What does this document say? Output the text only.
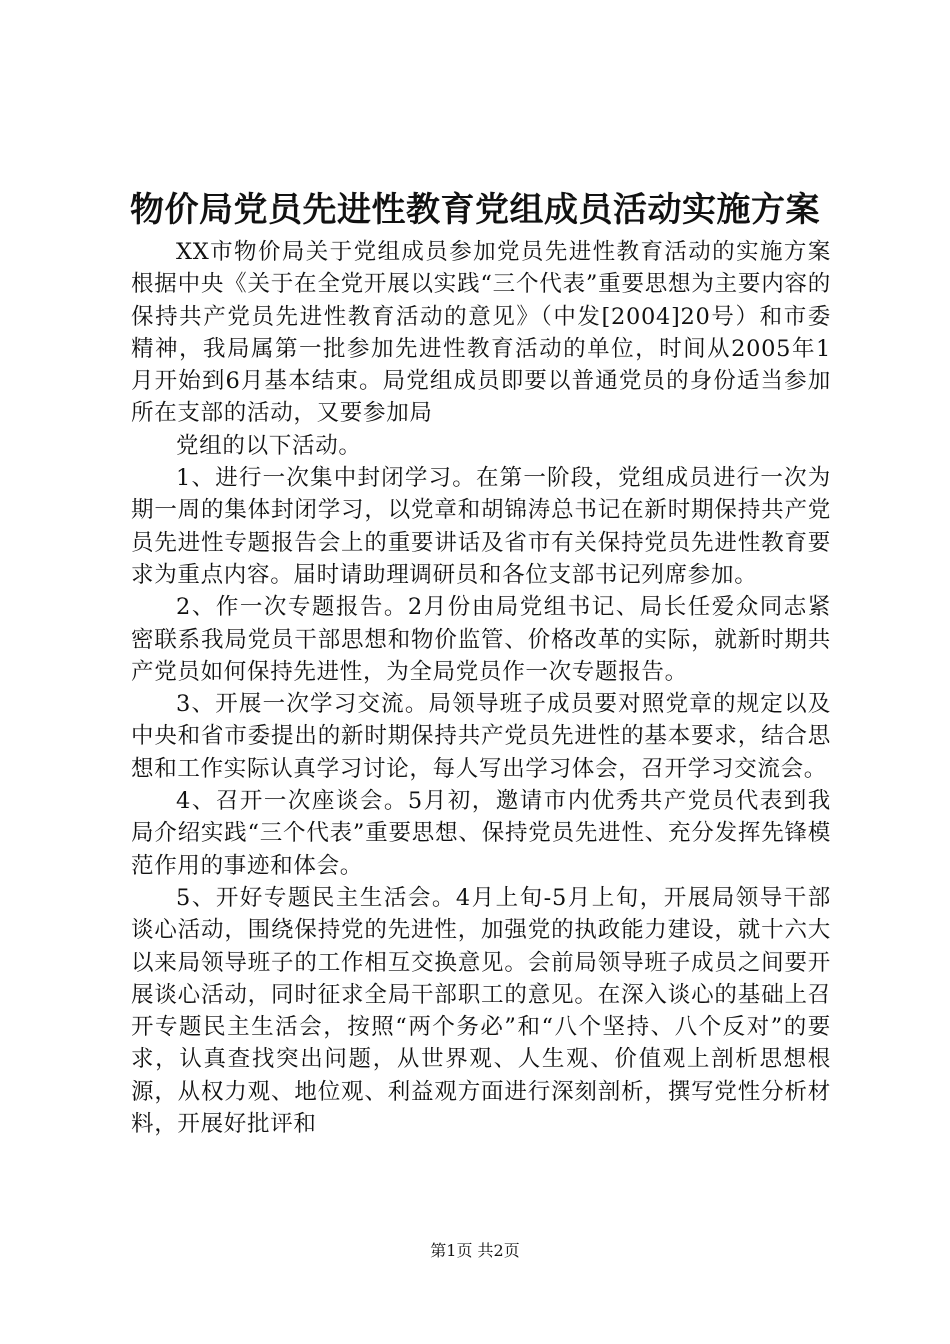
物价局党员先进性教育党组成员活动实施方案

XX市物价局关于党组成员参加党员先进性教育活动的实施方案根据中央《关于在全党开展以实践“三个代表”重要思想为主要内容的保持共产党员先进性教育活动的意见》（中发[2004]20号）和市委精神，我局属第一批参加先进性教育活动的单位，时间从2005年1月开始到6月基本结束。局党组成员即要以普通党员的身份适当参加所在支部的活动，又要参加局

党组的以下活动。

1、进行一次集中封闭学习。在第一阶段，党组成员进行一次为期一周的集体封闭学习，以党章和胡锦涛总书记在新时期保持共产党员先进性专题报告会上的重要讲话及省市有关保持党员先进性教育要求为重点内容。届时请助理调研员和各位支部书记列席参加。

2、作一次专题报告。2月份由局党组书记、局长任爱众同志紧密联系我局党员干部思想和物价监管、价格改革的实际，就新时期共产党员如何保持先进性，为全局党员作一次专题报告。

3、开展一次学习交流。局领导班子成员要对照党章的规定以及中央和省市委提出的新时期保持共产党员先进性的基本要求，结合思想和工作实际认真学习讨论，每人写出学习体会，召开学习交流会。

4、召开一次座谈会。5月初，邀请市内优秀共产党员代表到我局介绍实践“三个代表”重要思想、保持党员先进性、充分发挥先锋模范作用的事迹和体会。

5、开好专题民主生活会。4月上旬-5月上旬，开展局领导干部谈心活动，围绕保持党的先进性，加强党的执政能力建设，就十六大以来局领导班子的工作相互交换意见。会前局领导班子成员之间要开展谈心活动，同时征求全局干部职工的意见。在深入谈心的基础上召开专题民主生活会，按照“两个务必”和“八个坚持、八个反对”的要求，认真查找突出问题，从世界观、人生观、价值观上剖析思想根源，从权力观、地位观、利益观方面进行深刻剖析，撰写党性分析材料，开展好批评和

第1页 共2页
